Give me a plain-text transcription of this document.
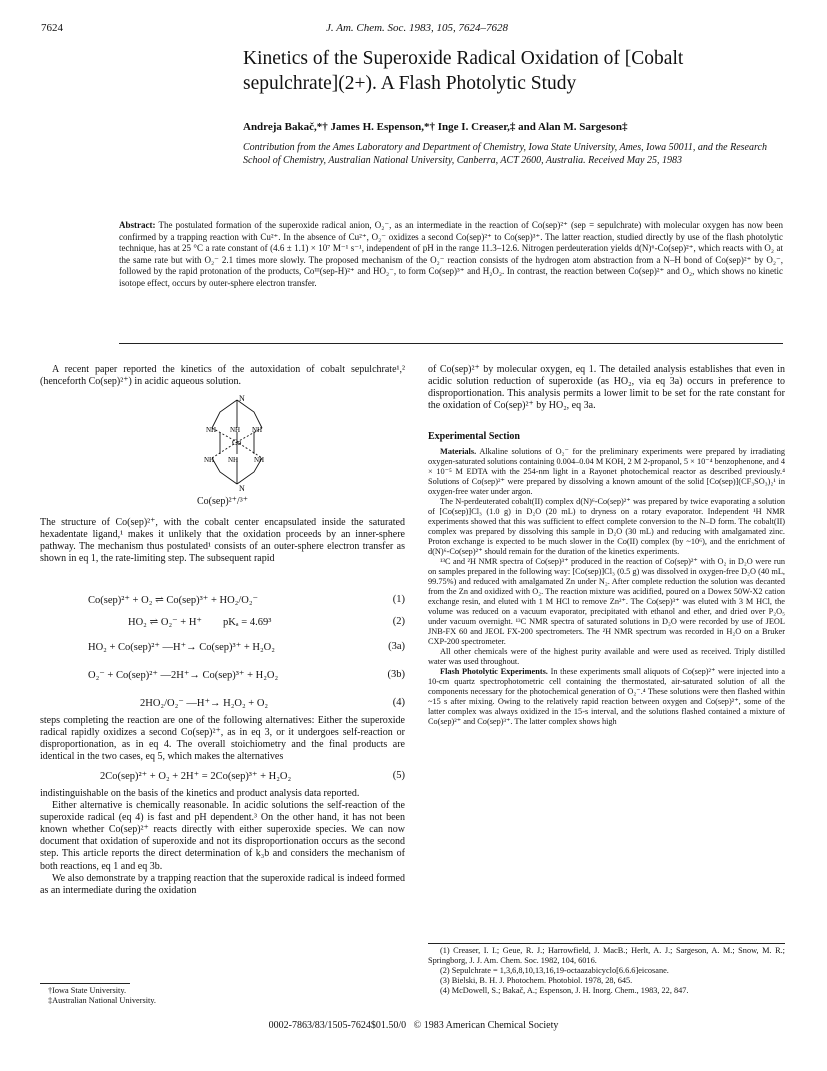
7624	J. Am. Chem. Soc. 1983, 105, 7624–7628
Kinetics of the Superoxide Radical Oxidation of [Cobalt sepulchrate](2+). A Flash Photolytic Study
Andreja Bakač,*† James H. Espenson,*† Inge I. Creaser,‡ and Alan M. Sargeson‡
Contribution from the Ames Laboratory and Department of Chemistry, Iowa State University, Ames, Iowa 50011, and the Research School of Chemistry, Australian National University, Canberra, ACT 2600, Australia. Received May 25, 1983
Abstract: The postulated formation of the superoxide radical anion, O₂⁻, as an intermediate in the reaction of Co(sep)²⁺ (sep = sepulchrate) with molecular oxygen has now been confirmed by a trapping reaction with Cu²⁺. In the absence of Cu²⁺, O₂⁻ oxidizes a second Co(sep)²⁺ to Co(sep)³⁺. The latter reaction, studied directly by use of the flash photolytic technique, has at 25 °C a rate constant of (4.6 ± 1.1) × 10⁷ M⁻¹ s⁻¹, independent of pH in the range 11.3–12.6. Nitrogen perdeuteration yields d(N)⁶-Co(sep)²⁺, which reacts with O₂ at the same rate but with O₂⁻ 2.1 times more slowly. The proposed mechanism of the O₂⁻ reaction consists of the hydrogen atom abstraction from a N–H bond of Co(sep)²⁺ by O₂⁻, followed by the rapid protonation of the products, Coᴵᴵᴵ(sep-H)²⁺ and HO₂⁻, to form Co(sep)³⁺ and H₂O₂. In contrast, the reaction between Co(sep)²⁺ and O₂, which shows no kinetic isotope effect, occurs by outer-sphere electron transfer.

A recent paper reported the kinetics of the autoxidation of cobalt sepulchrate¹,² (henceforth Co(sep)²⁺) in acidic aqueous solution.

N
NH NH NH
Co
NH NH NH
N
Co(sep)²⁺/³⁺

The structure of Co(sep)²⁺, with the cobalt center encapsulated inside the saturated hexadentate ligand,¹ makes it unlikely that the oxidation proceeds by an inner-sphere pathway. The mechanism thus postulated¹ consists of an outer-sphere electron transfer as shown in eq 1, the rate-limiting step. The subsequent rapid

Co(sep)²⁺ + O₂ ⇌ Co(sep)³⁺ + HO₂/O₂⁻	(1)
HO₂ ⇌ O₂⁻ + H⁺        pKₐ = 4.69³	(2)
HO₂ + Co(sep)²⁺ —H⁺→ Co(sep)³⁺ + H₂O₂	(3a)
O₂⁻ + Co(sep)²⁺ —2H⁺→ Co(sep)³⁺ + H₂O₂	(3b)
2HO₂/O₂⁻ —H⁺→ H₂O₂ + O₂	(4)

steps completing the reaction are one of the following alternatives: Either the superoxide radical rapidly oxidizes a second Co(sep)²⁺, as in eq 3, or it undergoes self-reaction or disproportionation, as in eq 4. The overall stoichiometry and the final products are identical in the two cases, eq 5, which makes the alternatives

2Co(sep)²⁺ + O₂ + 2H⁺ = 2Co(sep)³⁺ + H₂O₂	(5)

indistinguishable on the basis of the kinetics and product analysis data reported.

Either alternative is chemically reasonable. In acidic solutions the self-reaction of the superoxide radical (eq 4) is fast and pH dependent.³ On the other hand, it has not been known whether Co(sep)²⁺ reacts directly with either superoxide species. We can now document that oxidation of superoxide and not its disproportionation occurs as the second step. This article reports the direct determination of k₃b and considers the mechanism of both reactions, eq 1 and eq 3b.

We also demonstrate by a trapping reaction that the superoxide radical is indeed formed as an intermediate during the oxidation

†Iowa State University.
‡Australian National University.

of Co(sep)²⁺ by molecular oxygen, eq 1. The detailed analysis establishes that even in acidic solution reduction of superoxide (as HO₂, via eq 3a) occurs in preference to disproportionation. This analysis permits a lower limit to be set for the rate constant for the oxidation of Co(sep)²⁺ by HO₂, eq 3a.

Experimental Section

Materials. Alkaline solutions of O₂⁻ for the preliminary experiments were prepared by irradiating oxygen-saturated solutions containing 0.004–0.04 M KOH, 2 M 2-propanol, 5 × 10⁻⁴ benzophenone, and 4 × 10⁻⁵ M EDTA with the 254-nm light in a Rayonet photochemical reactor as described previously.⁴ Solutions of Co(sep)²⁺ were prepared by dissolving a known amount of the solid [Co(sep)](CF₃SO₃)₂¹ in oxygen-free water under argon.

The N-perdeuterated cobalt(II) complex d(N)⁶-Co(sep)²⁺ was prepared by twice evaporating a solution of [Co(sep)]Cl₃ (1.0 g) in D₂O (20 mL) to dryness on a rotary evaporator. Independent ¹H NMR experiments showed that this was sufficient to effect complete conversion to the N–D form. The cobalt(II) complex was prepared by dissolving this sample in D₂O (30 mL) and reducing with amalgamated zinc. Proton exchange is expected to be much slower in the Co(II) complex (by ~10⁶), and the enrichment of d(N)⁶-Co(sep)²⁺ should remain for the duration of the kinetics experiments.

¹³C and ²H NMR spectra of Co(sep)³⁺ produced in the reaction of Co(sep)²⁺ with O₂ in D₂O were run on samples prepared in the following way: [Co(sep)]Cl₃ (0.5 g) was dissolved in oxygen-free D₂O (40 mL, 99.75%) and reduced with amalgamated Zn under N₂. After complete reduction the solution was decanted from the Zn and oxidized with O₂. The reaction mixture was acidified, poured on a Dowex 50W-X2 cation exchange resin, and eluted with 1 M HCl to remove Zn²⁺. The Co(sep)³⁺ was eluted with 3 M HCl, the volume was reduced on a vacuum evaporator, precipitated with ethanol and ether, and dried over P₂O₅ under vacuum overnight. ¹³C NMR spectra of saturated solutions in D₂O were recorded by use of JEOL JNB-FX 60 and JEOL FX-200 spectrometers. The ²H NMR spectrum was recorded in H₂O on a Bruker CXP-200 spectrometer.

All other chemicals were of the highest purity available and were used as received. Triply distilled water was used throughout.

Flash Photolytic Experiments. In these experiments small aliquots of Co(sep)²⁺ were injected into a 10-cm quartz spectrophotometric cell containing the thermostated, air-saturated solution of all the components necessary for the photochemical generation of O₂⁻.⁴ These solutions were then flashed within ~15 s after mixing. Owing to the relatively rapid reaction between oxygen and Co(sep)²⁺, some of the latter complex was always oxidized in the 15-s interval, and the solutions flashed contained a mixture of Co(sep)²⁺ and Co(sep)³⁺. The latter complex shows high

(1) Creaser, I. I.; Geue, R. J.; Harrowfield, J. MacB.; Herlt, A. J.; Sargeson, A. M.; Snow, M. R.; Springborg, J. J. Am. Chem. Soc. 1982, 104, 6016.
(2) Sepulchrate = 1,3,6,8,10,13,16,19-octaazabicyclo[6.6.6]eicosane.
(3) Bielski, B. H. J. Photochem. Photobiol. 1978, 28, 645.
(4) McDowell, S.; Bakač, A.; Espenson, J. H. Inorg. Chem., 1983, 22, 847.
0002-7863/83/1505-7624$01.50/0   © 1983 American Chemical Society
